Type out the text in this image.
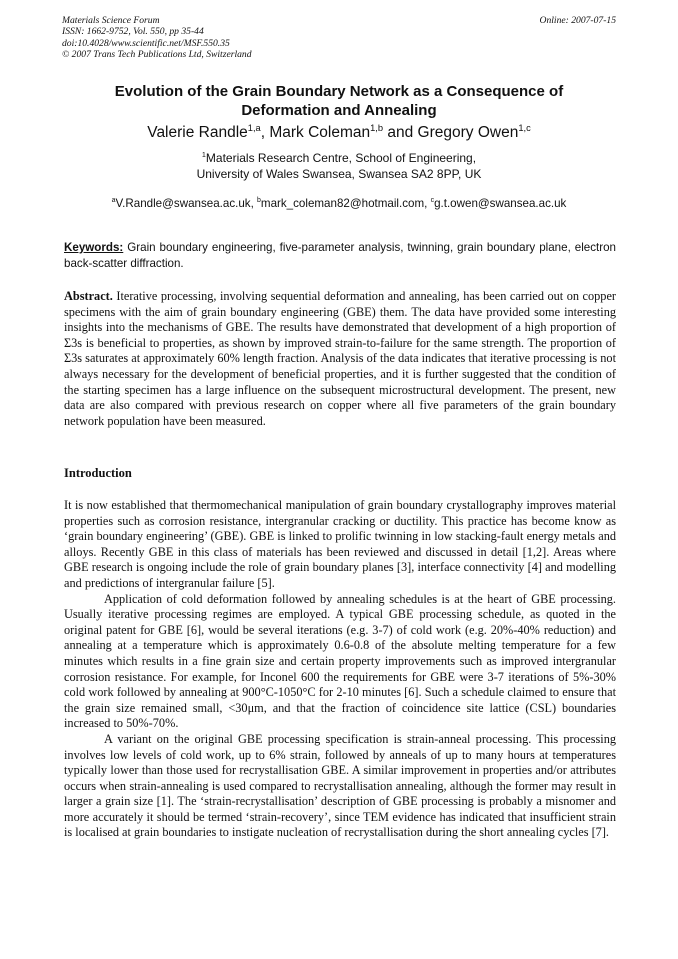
Materials Science Forum
ISSN: 1662-9752, Vol. 550, pp 35-44
doi:10.4028/www.scientific.net/MSF.550.35
© 2007 Trans Tech Publications Ltd, Switzerland
Online: 2007-07-15
Evolution of the Grain Boundary Network as a Consequence of
Deformation and Annealing
Valerie Randle$^{1,a}$, Mark Coleman$^{1,b}$ and Gregory Owen$^{1,c}$
$^1$Materials Research Centre, School of Engineering,
University of Wales Swansea, Swansea SA2 8PP, UK
$^a$V.Randle@swansea.ac.uk, $^b$mark_coleman82@hotmail.com, $^c$g.t.owen@swansea.ac.uk
Keywords: Grain boundary engineering, five-parameter analysis, twinning, grain boundary plane, electron back-scatter diffraction.
Abstract. Iterative processing, involving sequential deformation and annealing, has been carried out on copper specimens with the aim of grain boundary engineering (GBE) them. The data have provided some interesting insights into the mechanisms of GBE. The results have demonstrated that development of a high proportion of Σ3s is beneficial to properties, as shown by improved strain-to-failure for the same strength. The proportion of Σ3s saturates at approximately 60% length fraction. Analysis of the data indicates that iterative processing is not always necessary for the development of beneficial properties, and it is further suggested that the condition of the starting specimen has a large influence on the subsequent microstructural development. The present, new data are also compared with previous research on copper where all five parameters of the grain boundary network population have been measured.
Introduction

It is now established that thermomechanical manipulation of grain boundary crystallography improves material properties such as corrosion resistance, intergranular cracking or ductility. This practice has become know as ‘grain boundary engineering’ (GBE). GBE is linked to prolific twinning in low stacking-fault energy metals and alloys. Recently GBE in this class of materials has been reviewed and discussed in detail [1,2]. Areas where GBE research is ongoing include the role of grain boundary planes [3], interface connectivity [4] and modelling and predictions of intergranular failure [5].

Application of cold deformation followed by annealing schedules is at the heart of GBE processing. Usually iterative processing regimes are employed. A typical GBE processing schedule, as quoted in the original patent for GBE [6], would be several iterations (e.g. 3-7) of cold work (e.g. 20%-40% reduction) and annealing at a temperature which is approximately 0.6-0.8 of the absolute melting temperature for a few minutes which results in a fine grain size and certain property improvements such as improved intergranular corrosion resistance. For example, for Inconel 600 the requirements for GBE were 3-7 iterations of 5%-30% cold work followed by annealing at 900°C-1050°C for 2-10 minutes [6]. Such a schedule claimed to ensure that the grain size remained small, <30μm, and that the fraction of coincidence site lattice (CSL) boundaries increased to 50%-70%.

A variant on the original GBE processing specification is strain-anneal processing. This processing involves low levels of cold work, up to 6% strain, followed by anneals of up to many hours at temperatures typically lower than those used for recrystallisation GBE. A similar improvement in properties and/or attributes occurs when strain-annealing is used compared to recrystallisation annealing, although the former may result in larger a grain size [1]. The ‘strain-recrystallisation’ description of GBE processing is probably a misnomer and more accurately it should be termed ‘strain-recovery’, since TEM evidence has indicated that insufficient strain is localised at grain boundaries to instigate nucleation of recrystallisation during the short annealing cycles [7].
